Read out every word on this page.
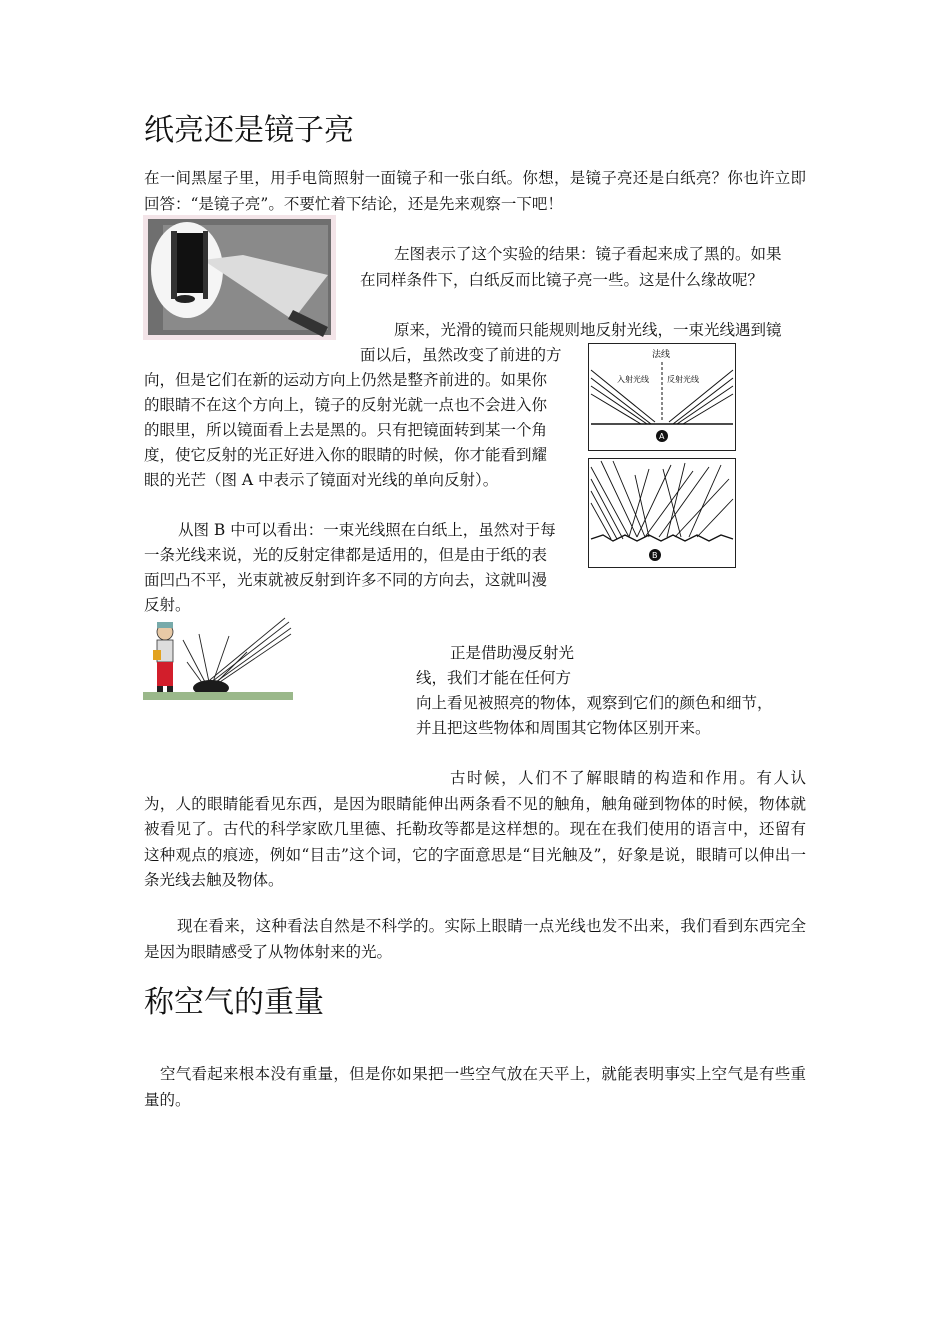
纸亮还是镜子亮

在一间黑屋子里，用手电筒照射一面镜子和一张白纸。你想，是镜子亮还是白纸亮？你也许立即回答：“是镜子亮”。不要忙着下结论，还是先来观察一下吧！

左图表示了这个实验的结果：镜子看起来成了黑的。如果
在同样条件下，白纸反而比镜子亮一些。这是什么缘故呢？
原来，光滑的镜而只能规则地反射光线，一束光线遇到镜
面以后，虽然改变了前进的方
向，但是它们在新的运动方向上仍然是整齐前进的。如果你
的眼睛不在这个方向上，镜子的反射光就一点也不会进入你
的眼里，所以镜面看上去是黑的。只有把镜面转到某一个角
度，使它反射的光正好进入你的眼睛的时候，你才能看到耀
眼的光芒（图 A 中表示了镜面对光线的单向反射）。
法线
入射光线 反射光线
A
B
从图 B 中可以看出：一束光线照在白纸上，虽然对于每
一条光线来说，光的反射定律都是适用的，但是由于纸的表
面凹凸不平，光束就被反射到许多不同的方向去，这就叫漫
反射。
正是借助漫反射光
线，我们才能在任何方
向上看见被照亮的物体，观察到它们的颜色和细节，
并且把这些物体和周围其它物体区别开来。

古时候，人们不了解眼睛的构造和作用。有人认为，人的眼睛能看见东西，是因为眼睛能伸出两条看不见的触角，触角碰到物体的时候，物体就被看见了。古代的科学家欧几里德、托勒玫等都是这样想的。现在在我们使用的语言中，还留有这种观点的痕迹，例如“目击”这个词，它的字面意思是“目光触及”，好象是说，眼睛可以伸出一条光线去触及物体。

现在看来，这种看法自然是不科学的。实际上眼睛一点光线也发不出来，我们看到东西完全是因为眼睛感受了从物体射来的光。

称空气的重量

空气看起来根本没有重量，但是你如果把一些空气放在天平上，就能表明事实上空气是有些重量的。
